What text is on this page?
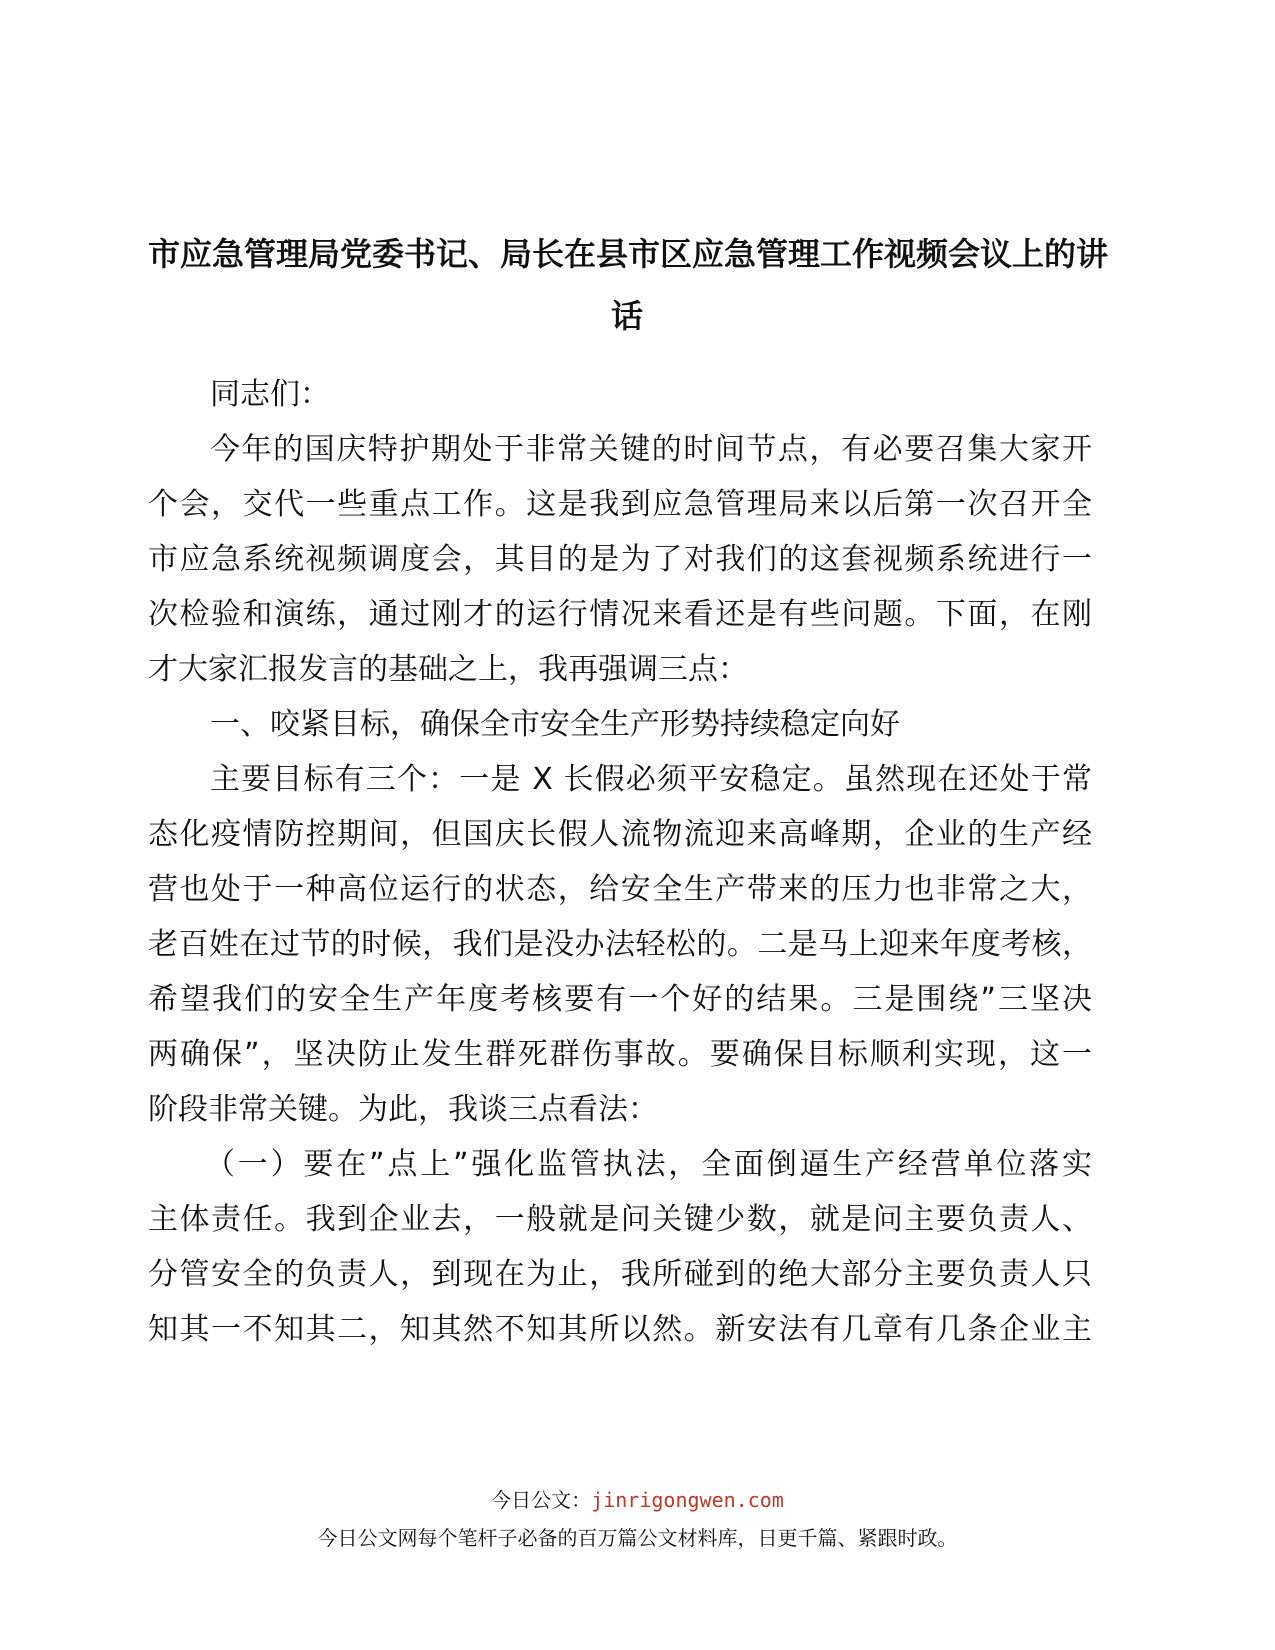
市应急管理局党委书记、局长在县市区应急管理工作视频会议上的讲
话

同志们：

今年的国庆特护期处于非常关键的时间节点，有必要召集大家开

个会，交代一些重点工作。这是我到应急管理局来以后第一次召开全

市应急系统视频调度会，其目的是为了对我们的这套视频系统进行一

次检验和演练，通过刚才的运行情况来看还是有些问题。下面，在刚

才大家汇报发言的基础之上，我再强调三点：

一、咬紧目标，确保全市安全生产形势持续稳定向好

主要目标有三个：一是 X 长假必须平安稳定。虽然现在还处于常

态化疫情防控期间，但国庆长假人流物流迎来高峰期，企业的生产经

营也处于一种高位运行的状态，给安全生产带来的压力也非常之大，

老百姓在过节的时候，我们是没办法轻松的。二是马上迎来年度考核，

希望我们的安全生产年度考核要有一个好的结果。三是围绕”三坚决

两确保”，坚决防止发生群死群伤事故。要确保目标顺利实现，这一

阶段非常关键。为此，我谈三点看法：

（一）要在”点上”强化监管执法，全面倒逼生产经营单位落实

主体责任。我到企业去，一般就是问关键少数，就是问主要负责人、

分管安全的负责人，到现在为止，我所碰到的绝大部分主要负责人只

知其一不知其二，知其然不知其所以然。新安法有几章有几条企业主

今日公文：jinrigongwen.com

今日公文网每个笔杆子必备的百万篇公文材料库，日更千篇、紧跟时政。
